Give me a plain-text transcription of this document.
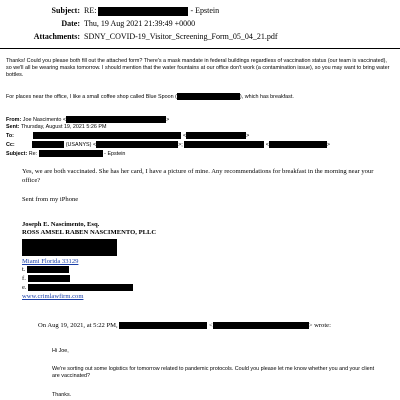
Subject: RE:	- Epstein
Date: Thu, 19 Aug 2021 21:39:49 +0000
Attachments: SDNY_COVID-19_Visitor_Screening_Form_05_04_21.pdf
Thanks! Could you please both fill out the attached form? There's a mask mandate in federal buildings regardless of vaccination status (our team is vaccinated), so we'll all be wearing masks tomorrow. I should mention that the water fountains at our office don't work (a contamination issue), so you may want to bring water bottles.
For places near the office, I like a small coffee shop called Blue Spoon (	), which has breakfast.
From: Joe Nascimento <	>
Sent: Thursday, August 19, 2021 5:26 PM
To:	<	>
Cc:	(USANYS) <	>;	<	>
Subject: Re:	- Epstein
Yes, we are both vaccinated. She has her card, I have a picture of mine. Any recommendations for breakfast in the morning near your office?
Sent from my iPhone
Joseph E. Nascimento, Esq.
ROSS AMSEL RABEN NASCIMENTO, PLLC
Miami Florida 33129
t.
f.
e.
www.crimlawfirm.com
On Aug 19, 2021, at 5:22 PM,	<	> wrote:
Hi Joe,
We're sorting out some logistics for tomorrow related to pandemic protocols. Could you please let me know whether you and your client are vaccinated?
Thanks.
